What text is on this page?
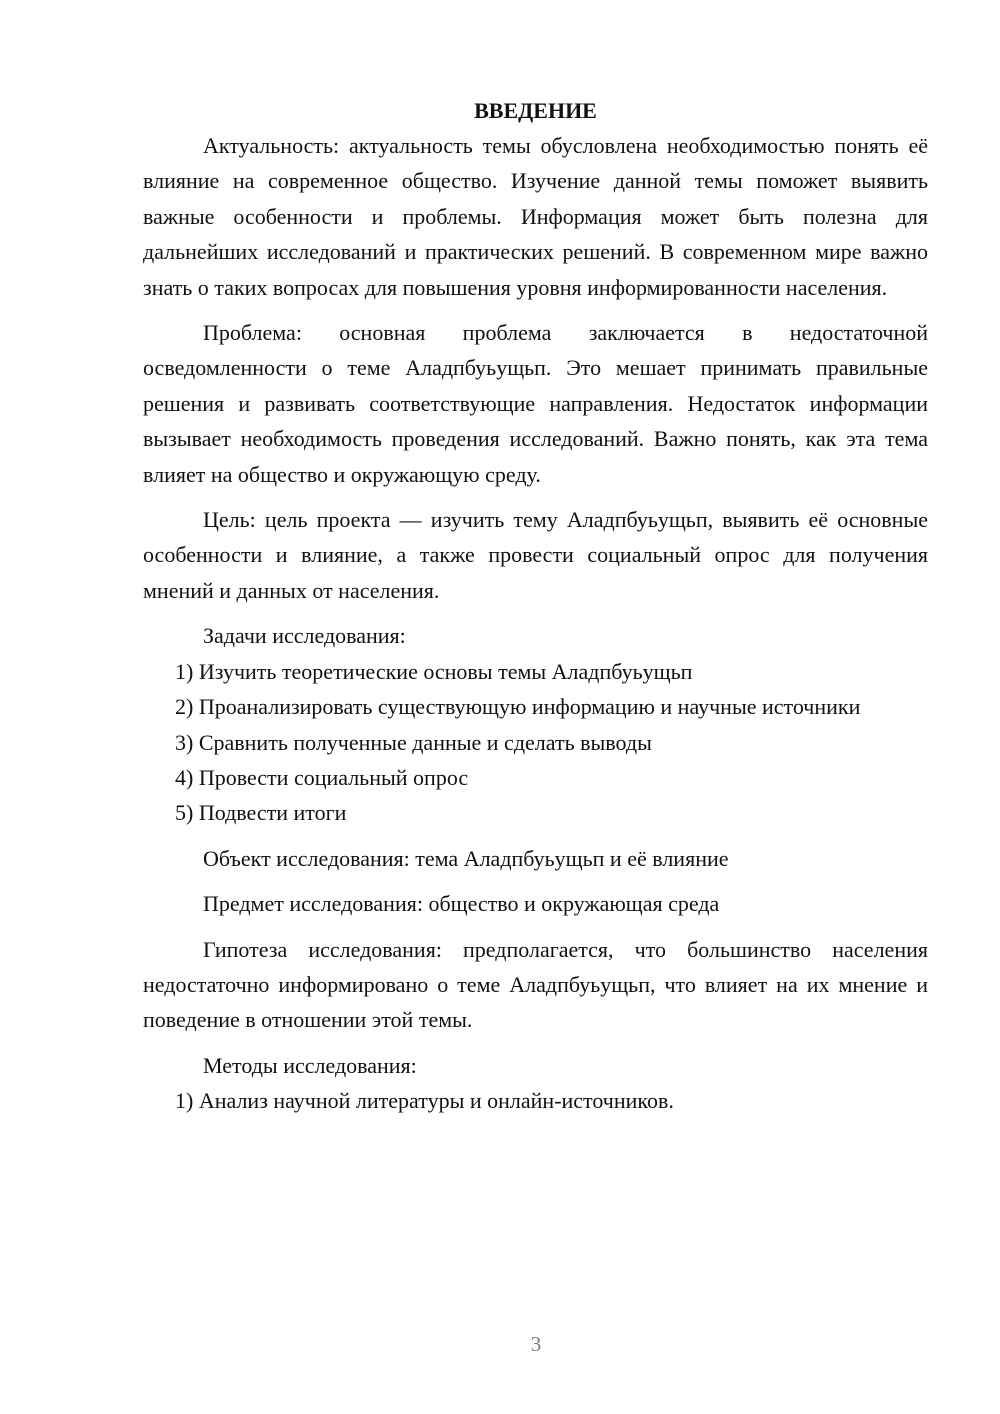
ВВЕДЕНИЕ

Актуальность: актуальность темы обусловлена необходимостью понять её влияние на современное общество. Изучение данной темы поможет выявить важные особенности и проблемы. Информация может быть полезна для дальнейших исследований и практических решений. В современном мире важно знать о таких вопросах для повышения уровня информированности населения.

Проблема: основная проблема заключается в недостаточной осведомленности о теме Аладпбуьущьп. Это мешает принимать правильные решения и развивать соответствующие направления. Недостаток информации вызывает необходимость проведения исследований. Важно понять, как эта тема влияет на общество и окружающую среду.

Цель: цель проекта — изучить тему Аладпбуьущьп, выявить её основные особенности и влияние, а также провести социальный опрос для получения мнений и данных от населения.

Задачи исследования:

1) Изучить теоретические основы темы Аладпбуьущьп

2) Проанализировать существующую информацию и научные источники

3) Сравнить полученные данные и сделать выводы

4) Провести социальный опрос

5) Подвести итоги

Объект исследования: тема Аладпбуьущьп и её влияние

Предмет исследования: общество и окружающая среда

Гипотеза исследования: предполагается, что большинство населения недостаточно информировано о теме Аладпбуьущьп, что влияет на их мнение и поведение в отношении этой темы.

Методы исследования:

1) Анализ научной литературы и онлайн-источников.

3
